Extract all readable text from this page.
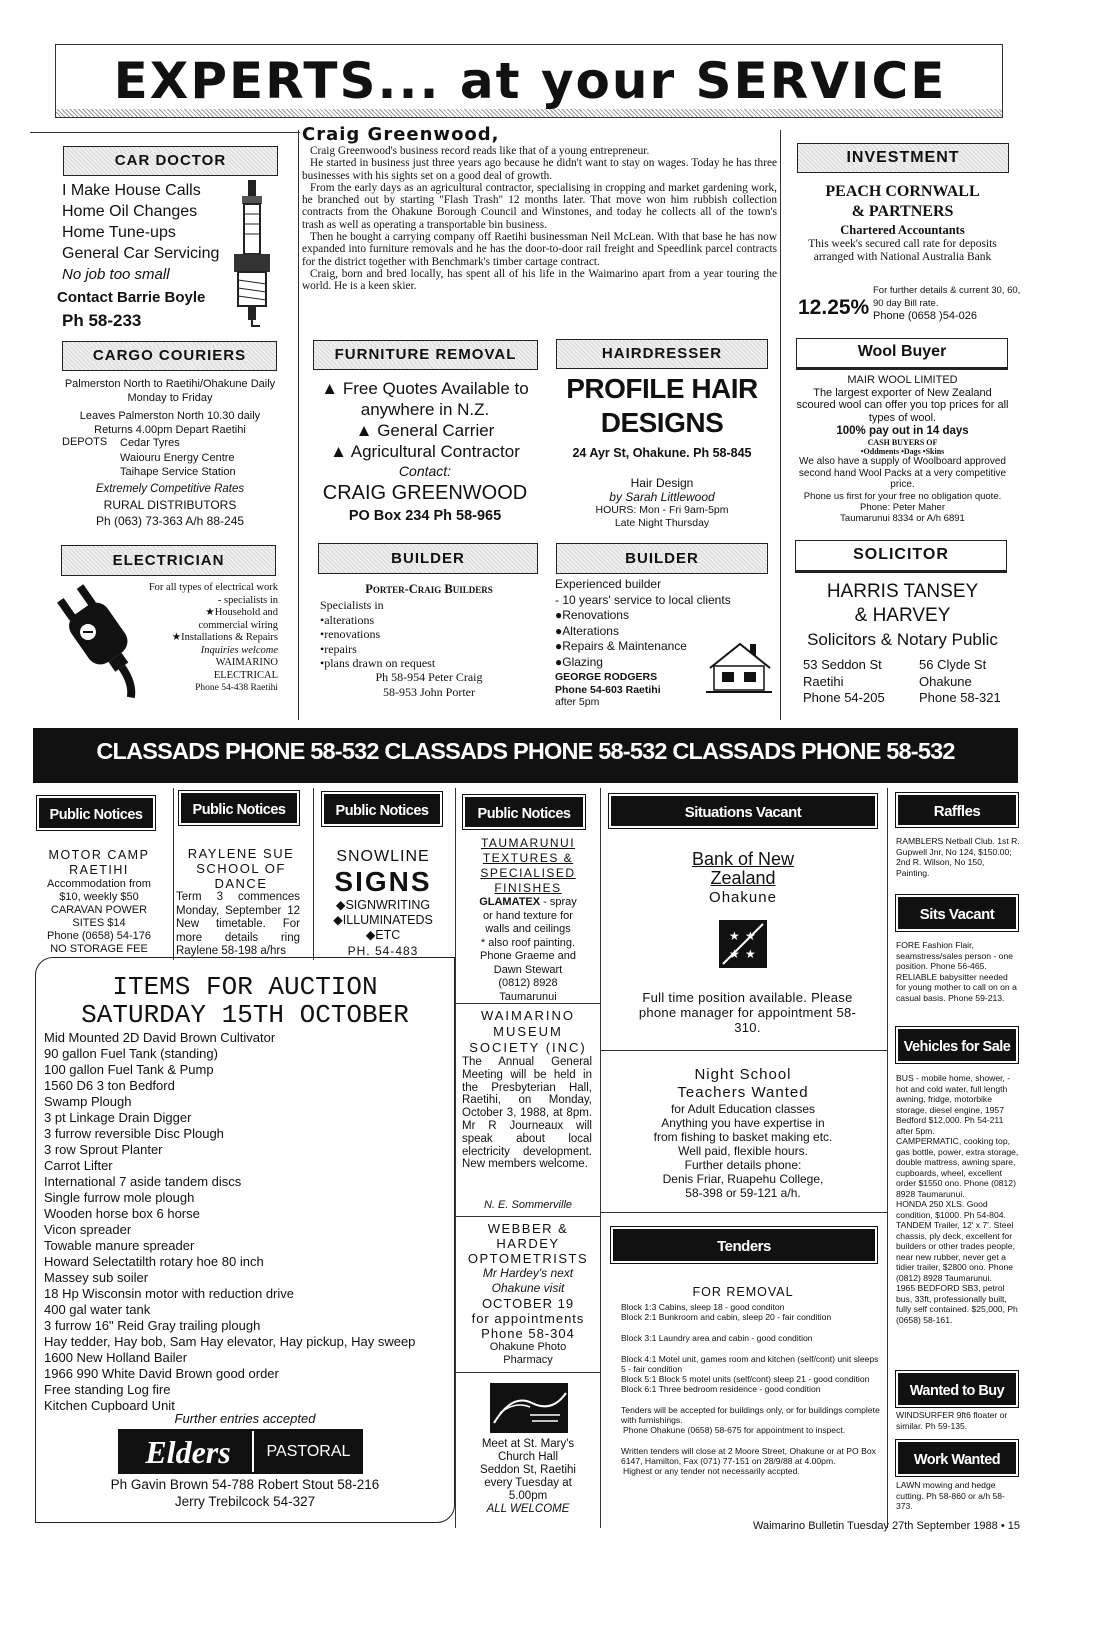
EXPERTS... at your SERVICE
CAR DOCTOR
I Make House Calls
Home Oil Changes
Home Tune-ups
General Car Servicing
No job too small
Contact Barrie Boyle
Ph 58-233
Craig Greenwood,

Craig Greenwood's business record reads like that of a young entrepreneur.

He started in business just three years ago because he didn't want to stay on wages. Today he has three businesses with his sights set on a good deal of growth.

From the early days as an agricultural contractor, specialising in cropping and market gardening work, he branched out by starting "Flash Trash" 12 months later. That move won him rubbish collection contracts from the Ohakune Borough Council and Winstones, and today he collects all of the town's trash as well as operating a transportable bin business.

Then he bought a carrying company off Raetihi businessman Neil McLean. With that base he has now expanded into furniture removals and he has the door-to-door rail freight and Speedlink parcel contracts for the district together with Benchmark's timber cartage contract.

Craig, born and bred locally, has spent all of his life in the Waimarino apart from a year touring the world. He is a keen skier.

INVESTMENT
PEACH CORNWALL
& PARTNERS
Chartered Accountants
This week's secured call rate for deposits arranged with National Australia Bank
12.25%
For further details & current 30, 60,
90 day Bill rate.
Phone (0658 )54-026
CARGO COURIERS	FURNITURE REMOVAL	HAIRDRESSER	Wool Buyer
Palmerston North to Raetihi/Ohakune Daily
Monday to Friday
Leaves Palmerston North 10.30 daily
Returns 4.00pm Depart Raetihi
DEPOTS Cedar Tyres
Waiouru Energy Centre
Taihape Service Station
Extremely Competitive Rates
RURAL DISTRIBUTORS
Ph (063) 73-363 A/h 88-245
▲ Free Quotes Available to
anywhere in N.Z.
▲ General Carrier
▲ Agricultural Contractor
Contact:
CRAIG GREENWOOD
PO Box 234 Ph 58-965
PROFILE HAIR
DESIGNS
24 Ayr St, Ohakune. Ph 58-845
Hair Design
by Sarah Littlewood
HOURS: Mon - Fri 9am-5pm
Late Night Thursday
MAIR WOOL LIMITED
The largest exporter of New Zealand scoured wool can offer you top prices for all types of wool.
100% pay out in 14 days
CASH BUYERS OF
•Oddments •Dags •Skins
We also have a supply of Woolboard approved second hand Wool Packs at a very competitive price.
Phone us first for your free no obligation quote.
Phone: Peter Maher
Taumarunui 8334 or A/h 6891
ELECTRICIAN	BUILDER	BUILDER	SOLICITOR
For all types of electrical work
- specialists in
★Household and
commercial wiring
★Installations & Repairs
Inquiries welcome
WAIMARINO
ELECTRICAL
Phone 54-438 Raetihi
Porter-Craig Builders
Specialists in
•alterations
•renovations
•repairs
•plans drawn on request
Ph 58-954 Peter Craig
58-953 John Porter
Experienced builder
- 10 years' service to local clients
●Renovations
●Alterations
●Repairs & Maintenance
●Glazing
GEORGE RODGERS
Phone 54-603 Raetihi
after 5pm
HARRIS TANSEY
& HARVEY
Solicitors & Notary Public
53 Seddon St
Raetihi
Phone 54-205
56 Clyde St
Ohakune
Phone 58-321
CLASSADS PHONE 58-532 CLASSADS PHONE 58-532 CLASSADS PHONE 58-532
Public Notices	Public Notices	Public Notices	Public Notices	Situations Vacant	Raffles
MOTOR CAMP
RAETIHI
Accommodation from
$10, weekly $50
CARAVAN POWER
SITES $14
Phone (0658) 54-176
NO STORAGE FEE
RAYLENE SUE
SCHOOL OF
DANCE
Term 3 commences Monday, September 12 New timetable. For more details ring Raylene 58-198 a/hrs
SNOWLINE
SIGNS
◆SIGNWRITING
◆ILLUMINATEDS
◆ETC
PH. 54-483
TAUMARUNUI
TEXTURES &
SPECIALISED
FINISHES
GLAMATEX - spray
or hand texture for
walls and ceilings
* also roof painting.
Phone Graeme and
Dawn Stewart
(0812) 8928
Taumarunui
WAIMARINO
MUSEUM
SOCIETY (INC)
The Annual General Meeting will be held in the Presbyterian Hall, Raetihi, on Monday, October 3, 1988, at 8pm. Mr R Journeaux will speak about local electricity development. New members welcome.
N. E. Sommerville
WEBBER &
HARDEY
OPTOMETRISTS
Mr Hardey's next
Ohakune visit
OCTOBER 19
for appointments
Phone 58-304
Ohakune Photo
Pharmacy
Meet at St. Mary's
Church Hall
Seddon St, Raetihi
every Tuesday at
5.00pm
ALL WELCOME
ITEMS FOR AUCTION
SATURDAY 15TH OCTOBER
Mid Mounted 2D David Brown Cultivator
90 gallon Fuel Tank (standing)
100 gallon Fuel Tank & Pump
1560 D6 3 ton Bedford
Swamp Plough
3 pt Linkage Drain Digger
3 furrow reversible Disc Plough
3 row Sprout Planter
Carrot Lifter
International 7 aside tandem discs
Single furrow mole plough
Wooden horse box 6 horse
Vicon spreader
Towable manure spreader
Howard Selectatilth rotary hoe 80 inch
Massey sub soiler
18 Hp Wisconsin motor with reduction drive
400 gal water tank
3 furrow 16" Reid Gray trailing plough
Hay tedder, Hay bob, Sam Hay elevator, Hay pickup, Hay sweep
1600 New Holland Bailer
1966 990 White David Brown good order
Free standing Log fire
Kitchen Cupboard Unit
Further entries accepted
Elders	PASTORAL
Ph Gavin Brown 54-788 Robert Stout 58-216
Jerry Trebilcock 54-327
Bank of New
Zealand
Ohakune
★ ★
★ ★
Full time position available. Please phone manager for appointment 58-310.
Night School
Teachers Wanted
for Adult Education classes
Anything you have expertise in
from fishing to basket making etc.
Well paid, flexible hours.
Further details phone:
Denis Friar, Ruapehu College,
58-398 or 59-121 a/h.
Tenders
FOR REMOVAL
Block 1:3 Cabins, sleep 18 - good conditon
Block 2:1 Bunkroom and cabin, sleep 20 - fair condition
Block 3:1 Laundry area and cabin - good condition
Block 4:1 Motel unit, games room and kitchen (self/cont) unit sleeps 5 - fair condition
Block 5:1 Block 5 motel units (self/cont) sleep 21 - good condition
Block 6:1 Three bedroom residence - good condition
Tenders will be accepted for buildings only, or for buildings complete with furnishings.
Phone Ohakune (0658) 58-675 for appointment to inspect.
Written tenders will close at 2 Moore Street, Ohakune or at PO Box 6147, Hamilton, Fax (071) 77-151 on 28/9/88 at 4.00pm.
Highest or any tender not necessarily accpted.
RAMBLERS Netball Club. 1st R. Gupwell Jnr, No 124, $150.00; 2nd R. Wilson, No 150, Painting.
Sits Vacant
FORE Fashion Flair, seamstress/sales person - one position. Phone 56-465.
RELIABLE babysitter needed for young mother to call on on a casual basis. Phone 59-213.
Vehicles for Sale
BUS - mobile home, shower, - hot and cold water, full length awning, fridge, motorbike storage, diesel engine, 1957 Bedford $12,000. Ph 54-211 after 5pm.
CAMPERMATIC, cooking top, gas bottle, power, extra storage, double mattress, awning spare, cupboards, wheel, excellent order $1550 ono. Phone (0812) 8928 Taumarunui.
HONDA 250 XLS. Good condition, $1000. Ph 54-804.
TANDEM Trailer, 12' x 7'. Steel chassis, ply deck, excellent for builders or other trades people, near new rubber, never get a tidier trailer, $2800 ono. Phone (0812) 8928 Taumarunui.
1965 BEDFORD SB3, petrol bus, 33ft, professionally built, fully self contained. $25,000, Ph (0658) 58-161.
Wanted to Buy
WINDSURFER 9ft6 floater or similar. Ph 59-135.
Work Wanted
LAWN mowing and hedge cutting. Ph 58-860 or a/h 58-373.
Waimarino Bulletin Tuesday 27th September 1988 • 15
